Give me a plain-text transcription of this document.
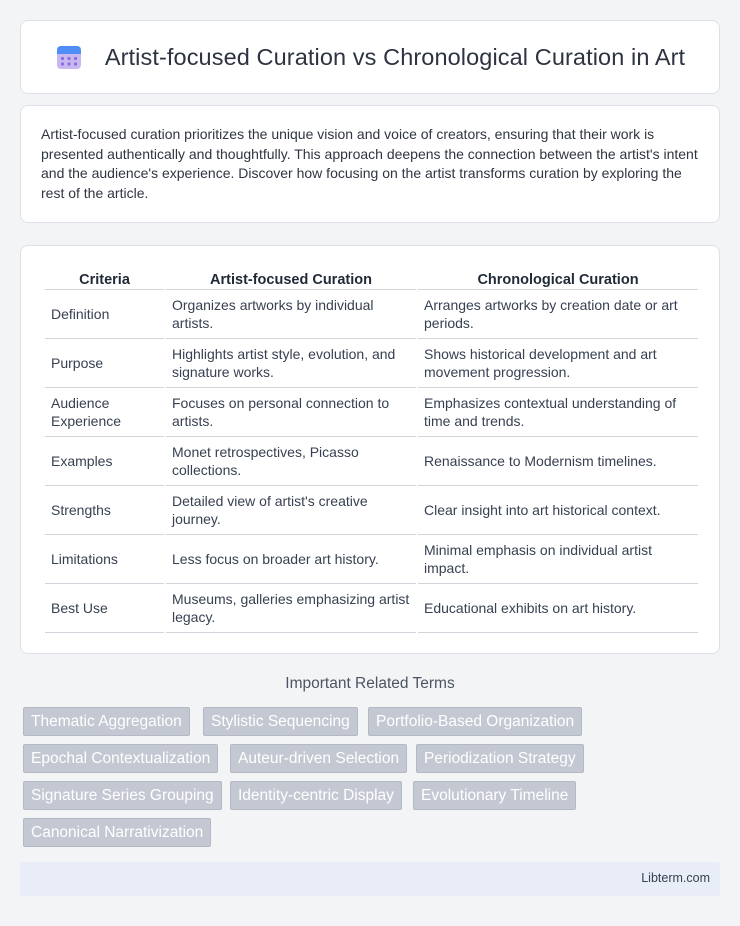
Artist-focused Curation vs Chronological Curation in Art

Artist-focused curation prioritizes the unique vision and voice of creators, ensuring that their work is presented authentically and thoughtfully. This approach deepens the connection between the artist's intent and the audience's experience. Discover how focusing on the artist transforms curation by exploring the rest of the article.

Criteria	Artist-focused Curation	Chronological Curation
Definition	Organizes artworks by individual artists.	Arranges artworks by creation date or art periods.
Purpose	Highlights artist style, evolution, and signature works.	Shows historical development and art movement progression.
Audience Experience	Focuses on personal connection to artists.	Emphasizes contextual understanding of time and trends.
Examples	Monet retrospectives, Picasso collections.	Renaissance to Modernism timelines.
Strengths	Detailed view of artist's creative journey.	Clear insight into art historical context.
Limitations	Less focus on broader art history.	Minimal emphasis on individual artist impact.
Best Use	Museums, galleries emphasizing artist legacy.	Educational exhibits on art history.
Important Related Terms
Thematic Aggregation	Stylistic Sequencing	Portfolio-Based Organization
Epochal Contextualization	Auteur-driven Selection	Periodization Strategy
Signature Series Grouping	Identity-centric Display	Evolutionary Timeline
Canonical Narrativization
Libterm.com
